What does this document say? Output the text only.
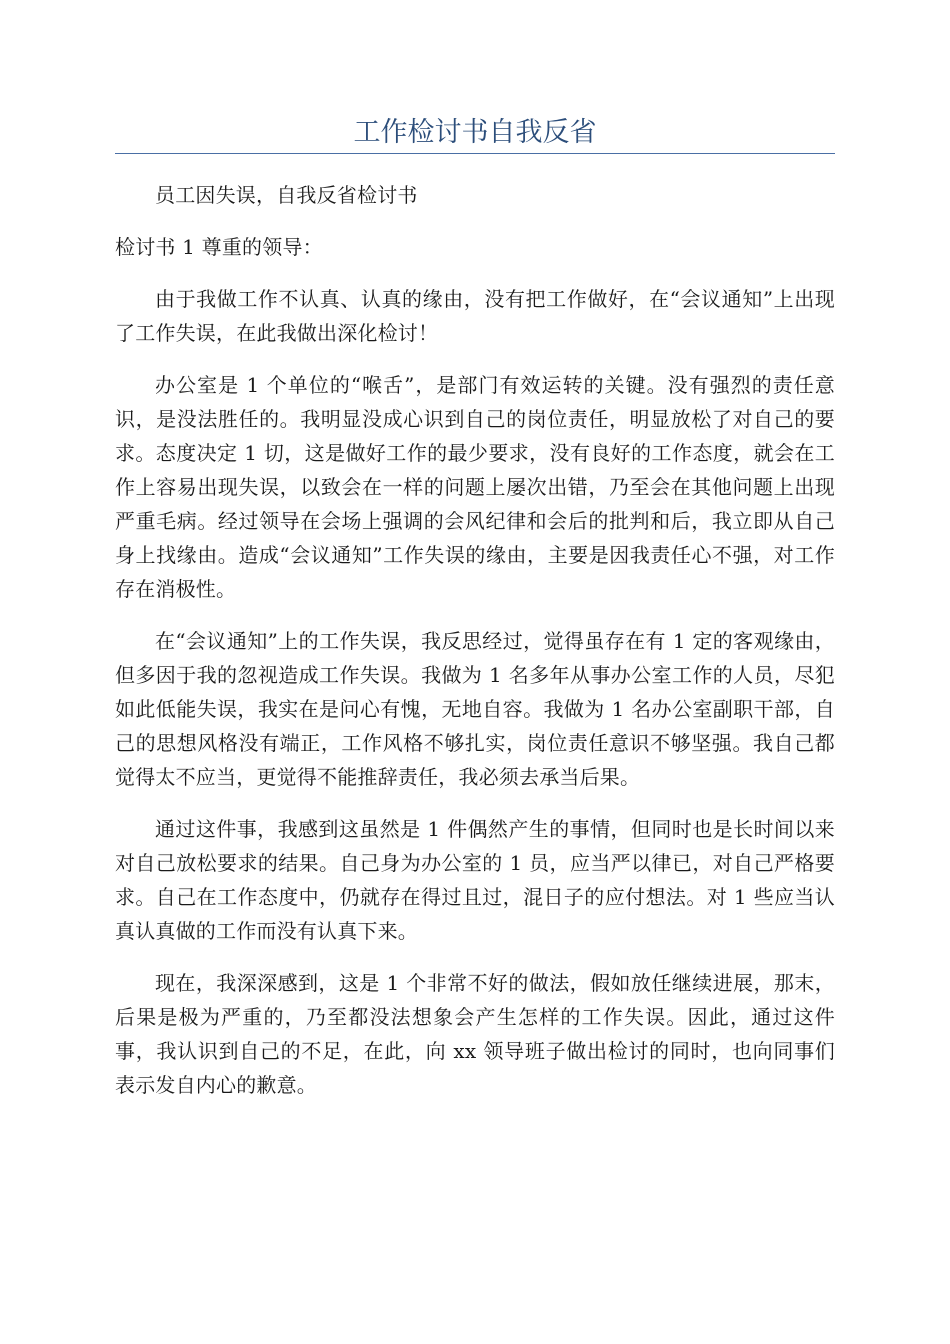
工作检讨书自我反省

员工因失误，自我反省检讨书

检讨书 1 尊重的领导：

由于我做工作不认真、认真的缘由，没有把工作做好，在“会议通知”上出现了工作失误，在此我做出深化检讨！

办公室是 1 个单位的“喉舌”，是部门有效运转的关键。没有强烈的责任意识，是没法胜任的。我明显没成心识到自己的岗位责任，明显放松了对自己的要求。态度决定 1 切，这是做好工作的最少要求，没有良好的工作态度，就会在工作上容易出现失误，以致会在一样的问题上屡次出错，乃至会在其他问题上出现严重毛病。经过领导在会场上强调的会风纪律和会后的批判和后，我立即从自己身上找缘由。造成“会议通知”工作失误的缘由，主要是因我责任心不强，对工作存在消极性。

在“会议通知”上的工作失误，我反思经过，觉得虽存在有 1 定的客观缘由，但多因于我的忽视造成工作失误。我做为 1 名多年从事办公室工作的人员，尽犯如此低能失误，我实在是问心有愧，无地自容。我做为 1 名办公室副职干部，自己的思想风格没有端正，工作风格不够扎实，岗位责任意识不够坚强。我自己都觉得太不应当，更觉得不能推辞责任，我必须去承当后果。

通过这件事，我感到这虽然是 1 件偶然产生的事情，但同时也是长时间以来对自己放松要求的结果。自己身为办公室的 1 员，应当严以律已，对自己严格要求。自己在工作态度中，仍就存在得过且过，混日子的应付想法。对 1 些应当认真认真做的工作而没有认真下来。

现在，我深深感到，这是 1 个非常不好的做法，假如放任继续进展，那末，后果是极为严重的，乃至都没法想象会产生怎样的工作失误。因此，通过这件事，我认识到自己的不足，在此，向 xx 领导班子做出检讨的同时，也向同事们表示发自内心的歉意。
